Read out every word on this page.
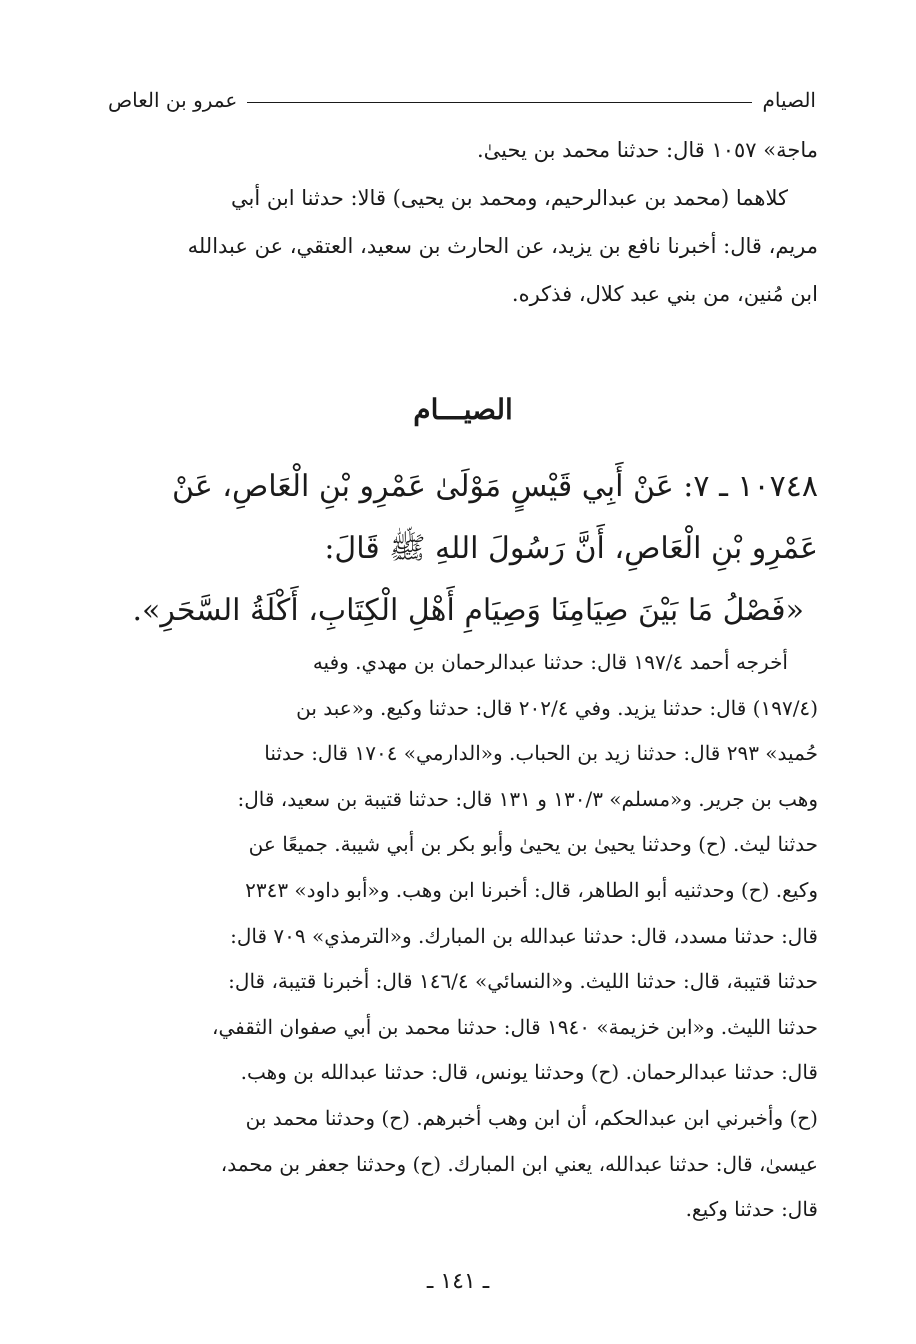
الصيام
عمرو بن العاص
ماجة» ١٠٥٧ قال: حدثنا محمد بن يحيىٰ.
كلاهما (محمد بن عبدالرحيم، ومحمد بن يحيى) قالا: حدثنا ابن أبي
مريم، قال: أخبرنا نافع بن يزيد، عن الحارث بن سعيد، العتقي، عن عبدالله
ابن مُنين، من بني عبد كلال، فذكره.
الصيـــام
١٠٧٤٨ ـ ٧: عَنْ أَبِي قَيْسٍ مَوْلَىٰ عَمْرِو بْنِ الْعَاصِ، عَنْ
عَمْرِو بْنِ الْعَاصِ، أَنَّ رَسُولَ اللهِ ﷺ قَالَ:
«فَصْلُ مَا بَيْنَ صِيَامِنَا وَصِيَامِ أَهْلِ الْكِتَابِ، أَكْلَةُ السَّحَرِ».
أخرجه أحمد ١٩٧/٤ قال: حدثنا عبدالرحمان بن مهدي. وفيه
(١٩٧/٤) قال: حدثنا يزيد. وفي ٢٠٢/٤ قال: حدثنا وكيع. و«عبد بن
حُميد» ٢٩٣ قال: حدثنا زيد بن الحباب. و«الدارمي» ١٧٠٤ قال: حدثنا
وهب بن جرير. و«مسلم» ١٣٠/٣ و ١٣١ قال: حدثنا قتيبة بن سعيد، قال:
حدثنا ليث. (ح) وحدثنا يحيىٰ بن يحيىٰ وأبو بكر بن أبي شيبة. جميعًا عن
وكيع. (ح) وحدثنيه أبو الطاهر، قال: أخبرنا ابن وهب. و«أبو داود» ٢٣٤٣
قال: حدثنا مسدد، قال: حدثنا عبدالله بن المبارك. و«الترمذي» ٧٠٩ قال:
حدثنا قتيبة، قال: حدثنا الليث. و«النسائي» ١٤٦/٤ قال: أخبرنا قتيبة، قال:
حدثنا الليث. و«ابن خزيمة» ١٩٤٠ قال: حدثنا محمد بن أبي صفوان الثقفي،
قال: حدثنا عبدالرحمان. (ح) وحدثنا يونس، قال: حدثنا عبدالله بن وهب.
(ح) وأخبرني ابن عبدالحكم، أن ابن وهب أخبرهم. (ح) وحدثنا محمد بن
عيسىٰ، قال: حدثنا عبدالله، يعني ابن المبارك. (ح) وحدثنا جعفر بن محمد،
قال: حدثنا وكيع.
ـ ١٤١ ـ
